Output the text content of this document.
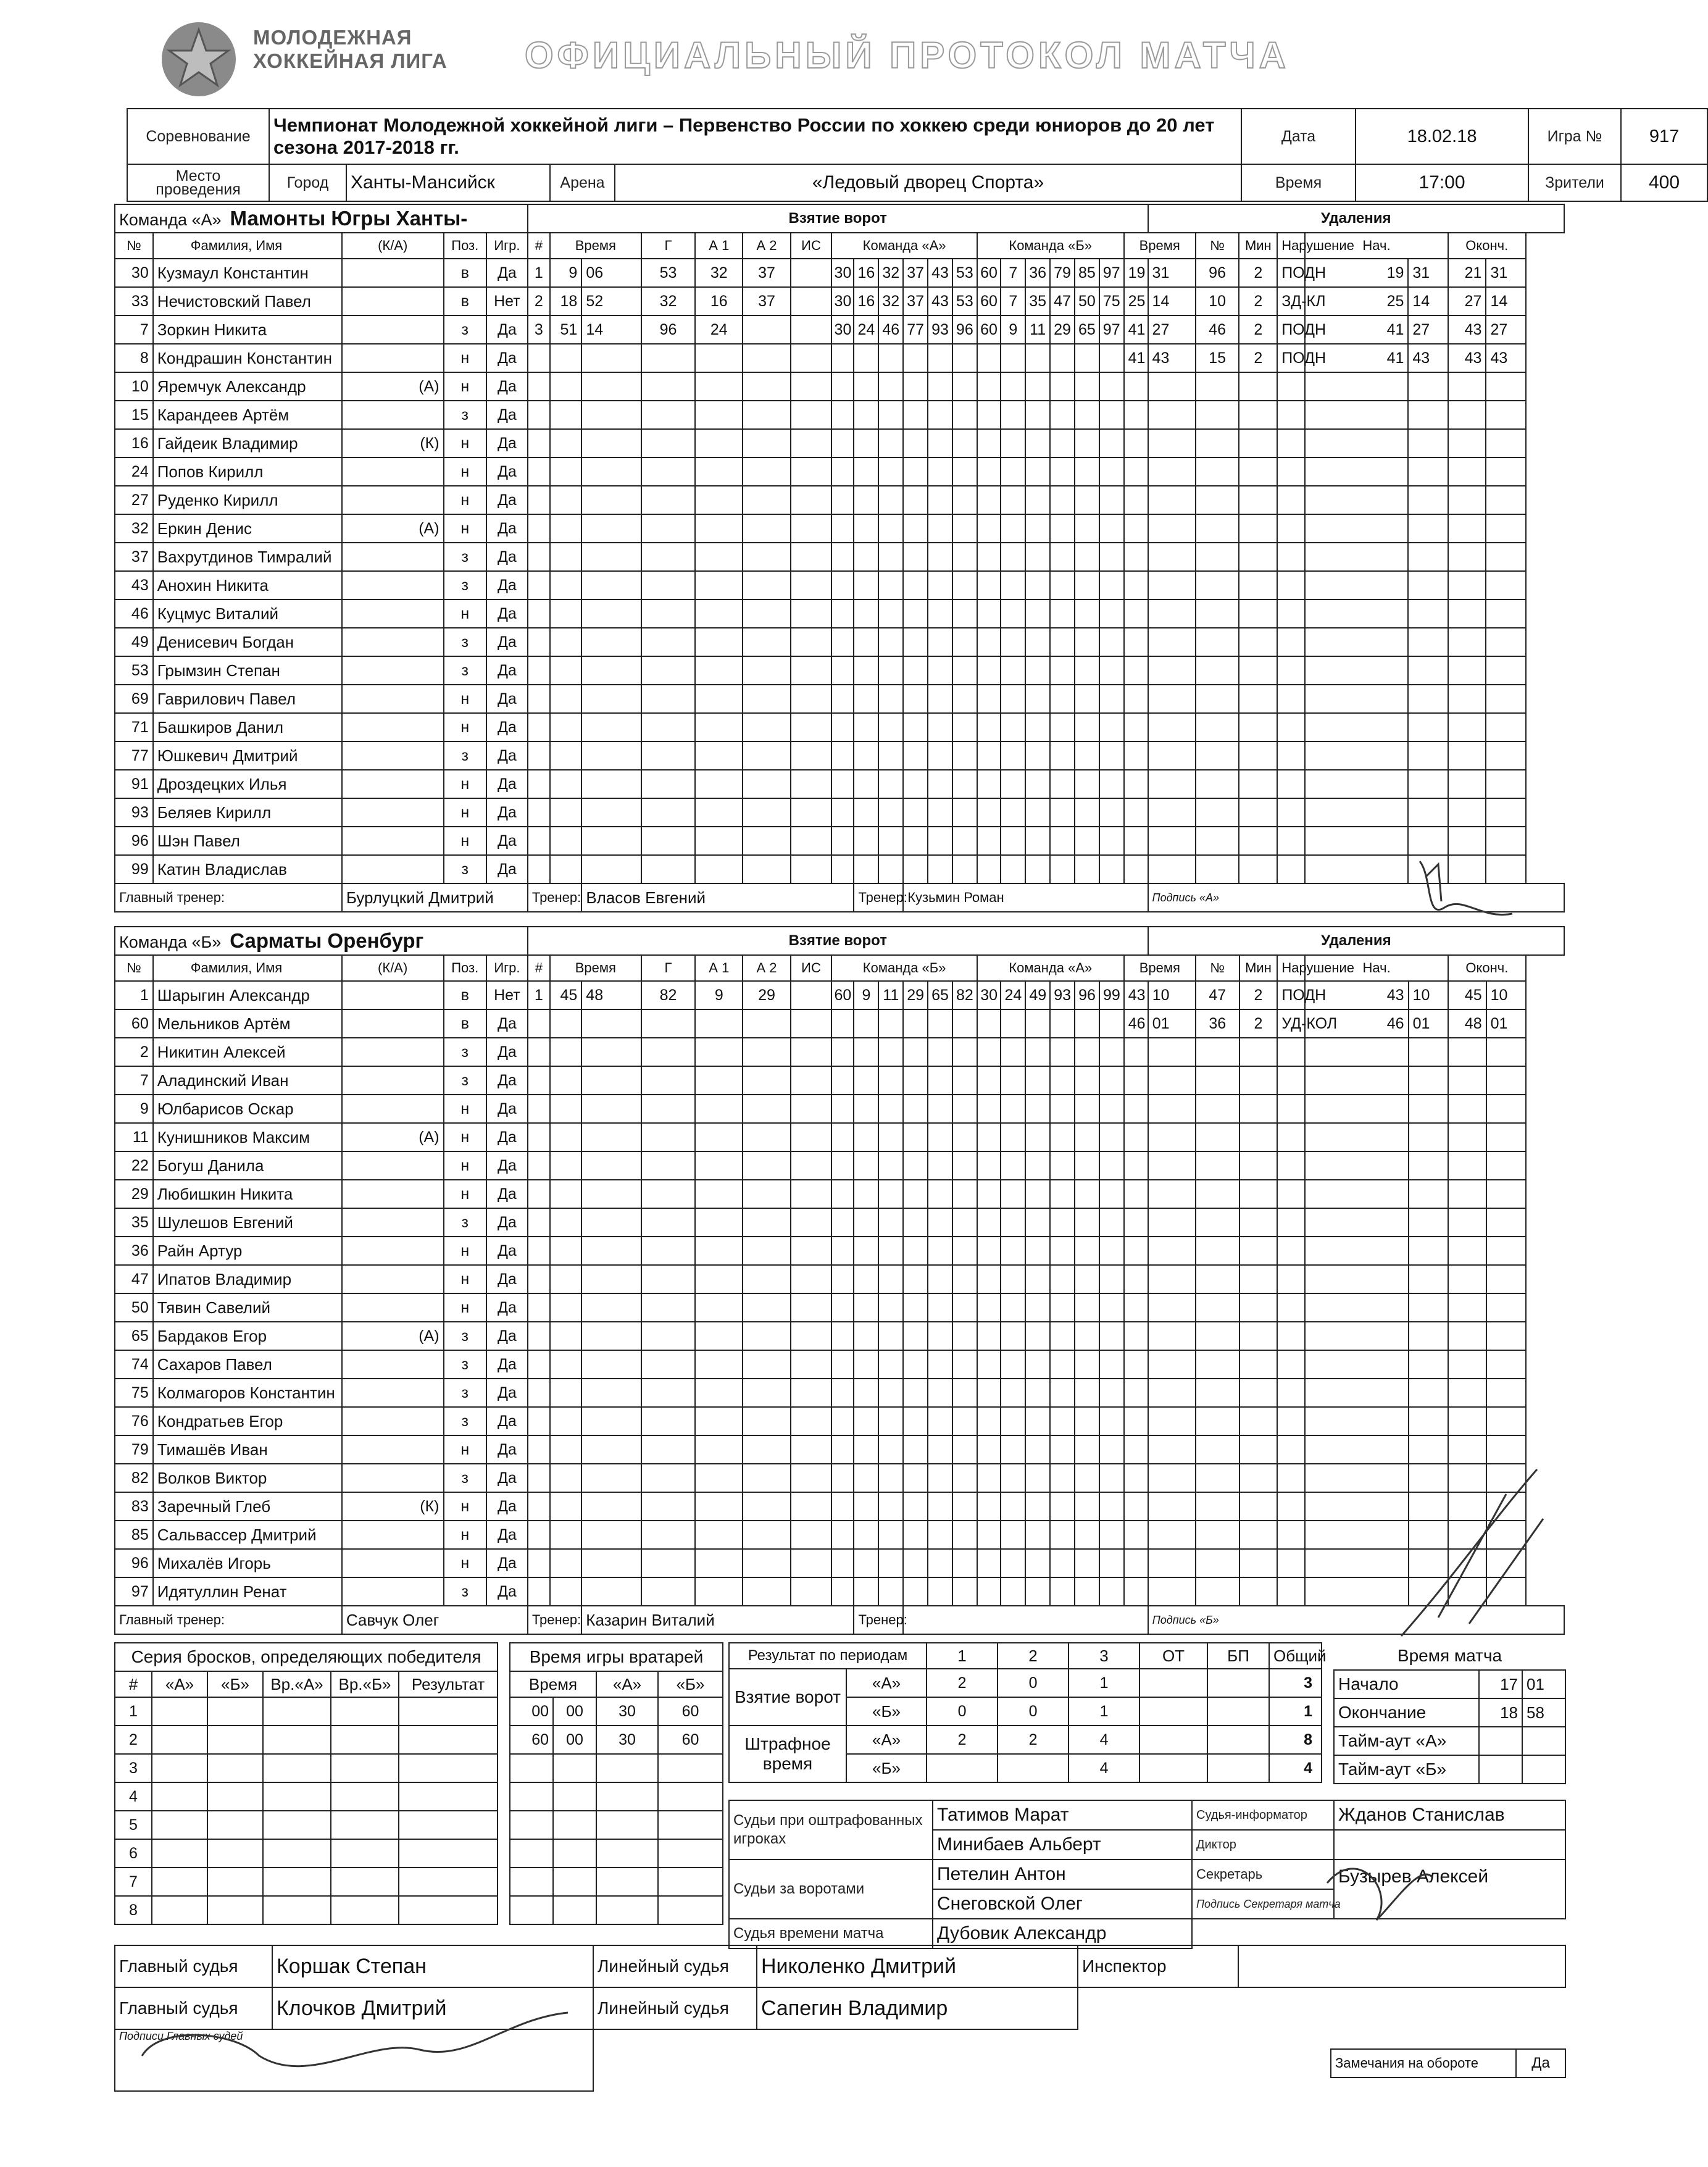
МОЛОДЕЖНАЯ
ХОККЕЙНАЯ ЛИГА ОФИЦИАЛЬНЫЙ ПРОТОКОЛ МАТЧА
Соревнование	Чемпионат Молодежной хоккейной лиги – Первенство России по хоккею среди юниоров до 20 лет сезона 2017-2018 гг.				Дата	18.02.18	Игра №	917
Место проведения	Город	Ханты-Мансийск	Арена	«Ледовый дворец Спорта»	Время	17:00	Зрители	400
Команда «А» Мамонты Югры Ханты-					Взятие ворот																				Удаления							
№	Фамилия, Имя	(К/А)	Поз.	Игр.	#	Время		Г	А 1	А 2	ИС	Команда «А»						Команда «Б»						Время		№	Мин	Нарушение	Нач.		Оконч.	
30	Кузмаул Константин		в	Да	1	9	06	53	32	37		30	16	32	37	43	53	60	7	36	79	85	97	19	31	96	2	ПОДН	19	31	21	31
33	Нечистовский Павел		в	Нет	2	18	52	32	16	37		30	16	32	37	43	53	60	7	35	47	50	75	25	14	10	2	ЗД-КЛ	25	14	27	14
7	Зоркин Никита		з	Да	3	51	14	96	24			30	24	46	77	93	96	60	9	11	29	65	97	41	27	46	2	ПОДН	41	27	43	27
8	Кондрашин Константин		н	Да																				41	43	15	2	ПОДН	41	43	43	43
10	Яремчук Александр	(А)	н	Да																												
15	Карандеев Артём		з	Да																												
16	Гайдеик Владимир	(К)	н	Да																												
24	Попов Кирилл		н	Да																												
27	Руденко Кирилл		н	Да																												
32	Еркин Денис	(А)	н	Да																												
37	Вахрутдинов Тимралий		з	Да																												
43	Анохин Никита		з	Да																												
46	Куцмус Виталий		н	Да																												
49	Денисевич Богдан		з	Да																												
53	Грымзин Степан		з	Да																												
69	Гаврилович Павел		н	Да																												
71	Башкиров Данил		н	Да																												
77	Юшкевич Дмитрий		з	Да																												
91	Дроздецких Илья		н	Да																												
93	Беляев Кирилл		н	Да																												
96	Шэн Павел		н	Да																												
99	Катин Владислав		з	Да																												
Главный тренер:		Бурлуцкий Дмитрий			Тренер:		Власов Евгений						Тренер:		Кузьмин Роман										Подпись «А»							
Команда «Б» Сарматы Оренбург					Взятие ворот																				Удаления							
№	Фамилия, Имя	(К/А)	Поз.	Игр.	#	Время		Г	А 1	А 2	ИС	Команда «Б»						Команда «А»						Время		№	Мин	Нарушение	Нач.		Оконч.	
1	Шарыгин Александр		в	Нет	1	45	48	82	9	29		60	9	11	29	65	82	30	24	49	93	96	99	43	10	47	2	ПОДН	43	10	45	10
60	Мельников Артём		в	Да																				46	01	36	2	УД-КОЛ	46	01	48	01
2	Никитин Алексей		з	Да																												
7	Аладинский Иван		з	Да																												
9	Юлбарисов Оскар		н	Да																												
11	Кунишников Максим	(А)	н	Да																												
22	Богуш Данила		н	Да																												
29	Любишкин Никита		н	Да																												
35	Шулешов Евгений		з	Да																												
36	Райн Артур		н	Да																												
47	Ипатов Владимир		н	Да																												
50	Тявин Савелий		н	Да																												
65	Бардаков Егор	(А)	з	Да																												
74	Сахаров Павел		з	Да																												
75	Колмагоров Константин		з	Да																												
76	Кондратьев Егор		з	Да																												
79	Тимашёв Иван		н	Да																												
82	Волков Виктор		з	Да																												
83	Заречный Глеб	(К)	н	Да																												
85	Сальвассер Дмитрий		н	Да																												
96	Михалёв Игорь		н	Да																												
97	Идятуллин Ренат		з	Да																												
Главный тренер:		Савчук Олег			Тренер:		Казарин Виталий						Тренер:												Подпись «Б»							
Серия бросков, определяющих победителя					
#	«А»	«Б»	Вр.«А»	Вр.«Б»	Результат
1					
2					
3					
4					
5					
6					
7					
8					
Время игры вратарей			
Время		«А»	«Б»
00	00	30	60
60	00	30	60

Результат по периодам		1	2	3	ОТ	БП	Общий
Взятие ворот	«А»	2	0	1			3
	«Б»	0	0	1			1
Штрафное время	«А»	2	2	4			8
	«Б»			4			4
Время матча		
Начало	17	01
Окончание	18	58
Тайм-аут «А»		
Тайм-аут «Б»		
Судьи при оштрафованных игроках	Татимов Марат	Судья-информатор	Жданов Станислав
	Минибаев Альберт	Диктор	
Судьи за воротами	Петелин Антон	Секретарь	Бузырев Алексей
	Снеговской Олег	Подпись Секретаря матча	
Судья времени матча	Дубовик Александр		
Главный судья	Коршак Степан	Линейный судья	Николенко Дмитрий
Главный судья	Клочков Дмитрий	Линейный судья	Сапегин Владимир
Подписи Главных судей			
Инспектор	
Замечания на обороте	Да
